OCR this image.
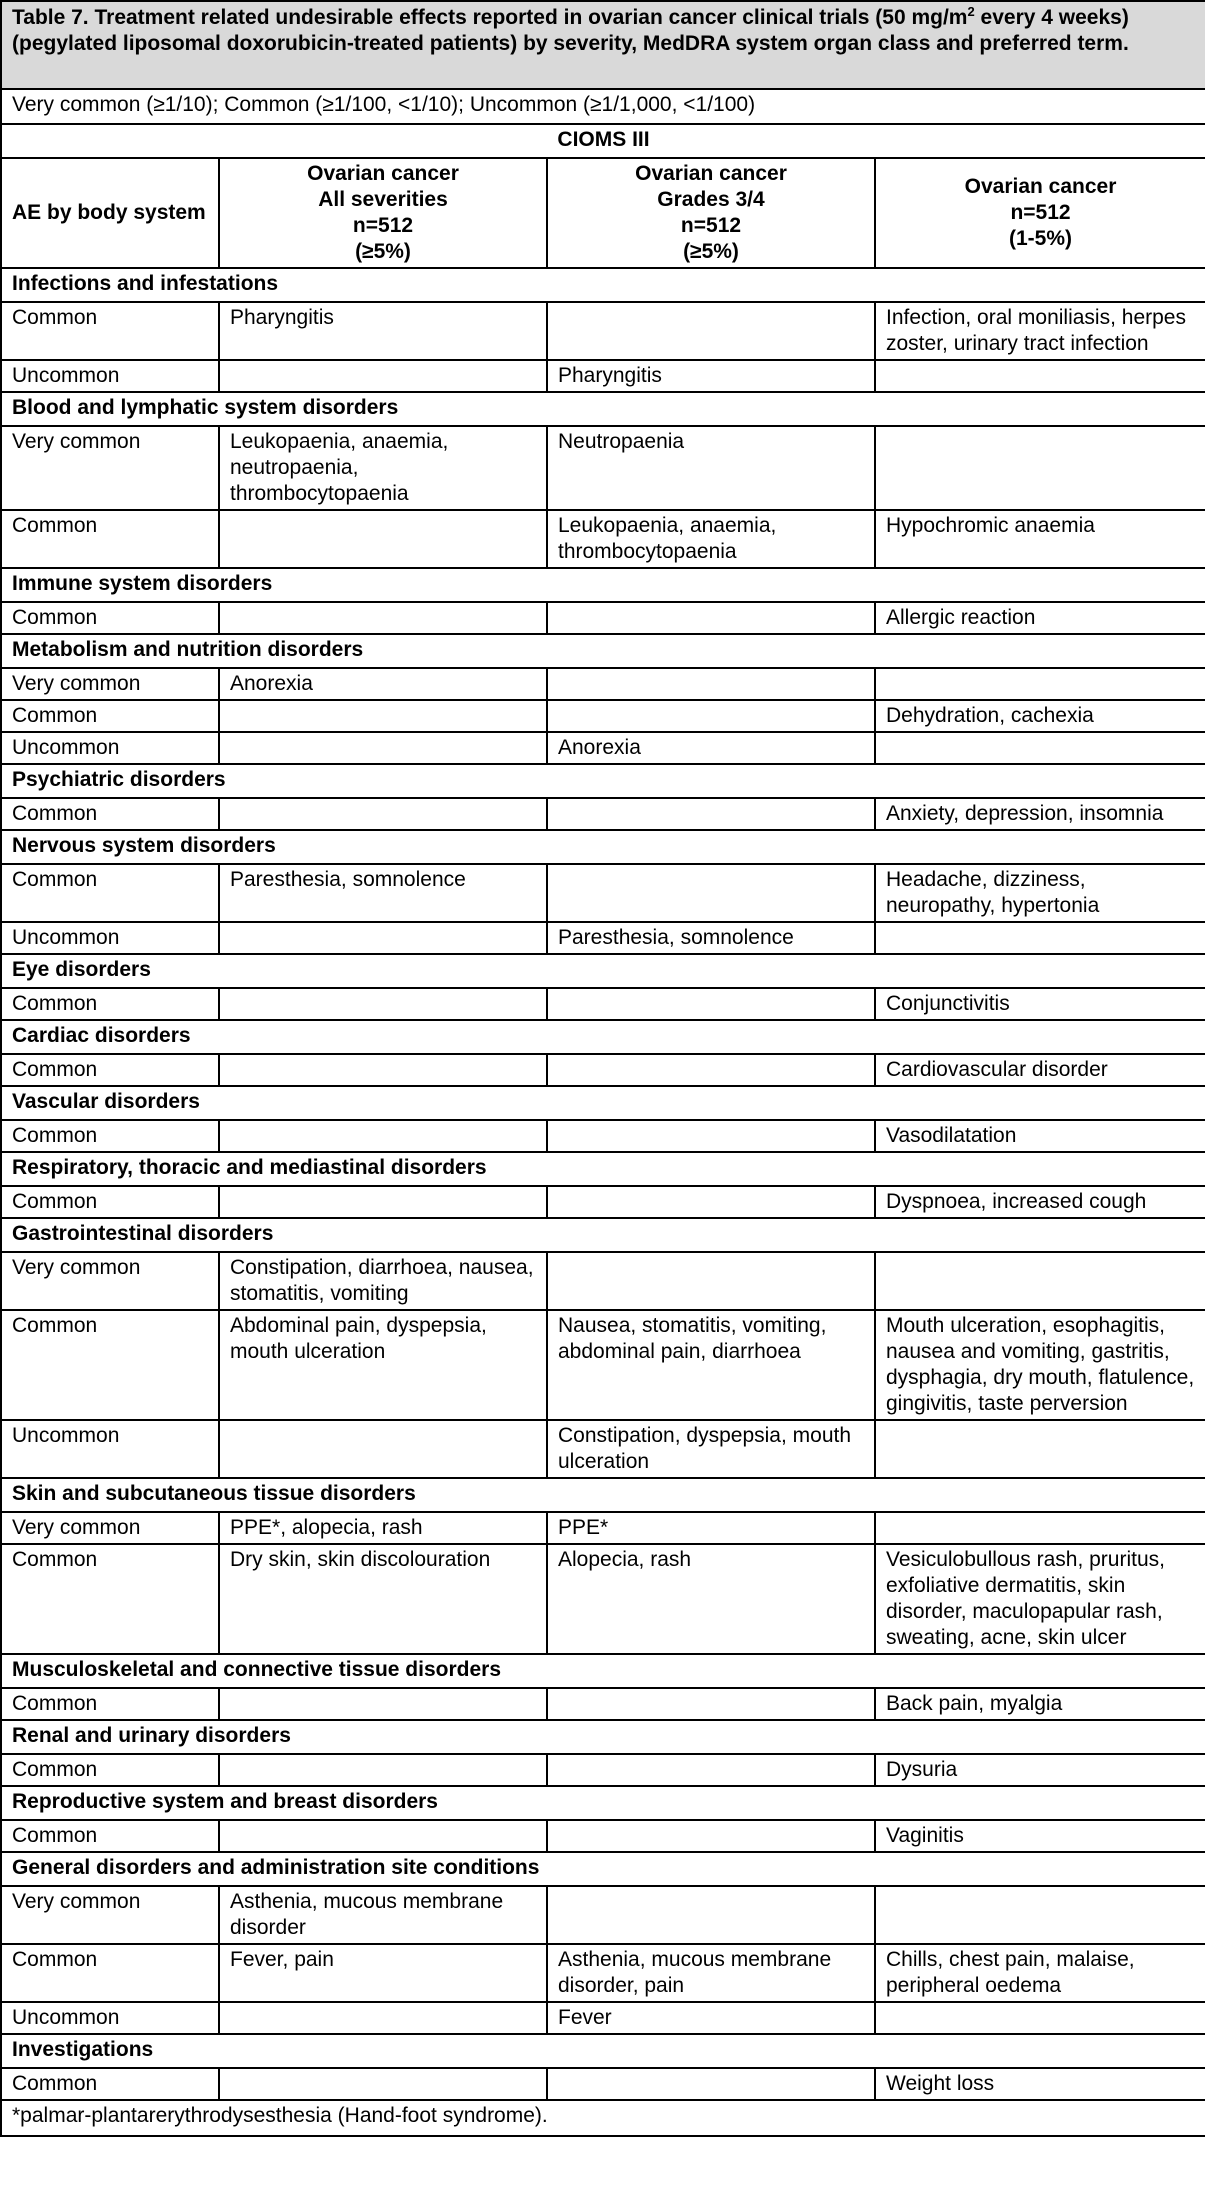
Table 7. Treatment related undesirable effects reported in ovarian cancer clinical trials (50 $mg/m^2$ every 4 weeks) (pegylated liposomal doxorubicin-treated patients) by severity, MedDRA system organ class and preferred term.			
Very common (≥1/10); Common (≥1/100, <1/10); Uncommon (≥1/1,000, <1/100)			
CIOMS III			

AE by body system	Ovarian cancer
All severities
n=512
(≥5%)	Ovarian cancer
Grades 3/4
n=512
(≥5%)	Ovarian cancer
n=512
(1-5%)

Infections and infestations			
Common	Pharyngitis		Infection, oral moniliasis, herpes zoster, urinary tract infection
Uncommon		Pharyngitis	
Blood and lymphatic system disorders			
Very common	Leukopaenia, anaemia, neutropaenia, thrombocytopaenia	Neutropaenia	
Common		Leukopaenia, anaemia, thrombocytopaenia	Hypochromic anaemia
Immune system disorders			
Common			Allergic reaction
Metabolism and nutrition disorders			
Very common	Anorexia		
Common			Dehydration, cachexia
Uncommon		Anorexia	
Psychiatric disorders			
Common			Anxiety, depression, insomnia
Nervous system disorders			
Common	Paresthesia, somnolence		Headache, dizziness, neuropathy, hypertonia
Uncommon		Paresthesia, somnolence	
Eye disorders			
Common			Conjunctivitis
Cardiac disorders			
Common			Cardiovascular disorder
Vascular disorders			
Common			Vasodilatation
Respiratory, thoracic and mediastinal disorders			
Common			Dyspnoea, increased cough
Gastrointestinal disorders			
Very common	Constipation, diarrhoea, nausea, stomatitis, vomiting		
Common	Abdominal pain, dyspepsia, mouth ulceration	Nausea, stomatitis, vomiting, abdominal pain, diarrhoea	Mouth ulceration, esophagitis, nausea and vomiting, gastritis, dysphagia, dry mouth, flatulence, gingivitis, taste perversion
Uncommon		Constipation, dyspepsia, mouth ulceration	
Skin and subcutaneous tissue disorders			
Very common	PPE*, alopecia, rash	PPE*	
Common	Dry skin, skin discolouration	Alopecia, rash	Vesiculobullous rash, pruritus, exfoliative dermatitis, skin disorder, maculopapular rash, sweating, acne, skin ulcer
Musculoskeletal and connective tissue disorders			
Common			Back pain, myalgia
Renal and urinary disorders			
Common			Dysuria
Reproductive system and breast disorders			
Common			Vaginitis
General disorders and administration site conditions			
Very common	Asthenia, mucous membrane disorder		
Common	Fever, pain	Asthenia, mucous membrane disorder, pain	Chills, chest pain, malaise, peripheral oedema
Uncommon		Fever	
Investigations			
Common			Weight loss
*palmar-plantarerythrodysesthesia (Hand-foot syndrome).			
